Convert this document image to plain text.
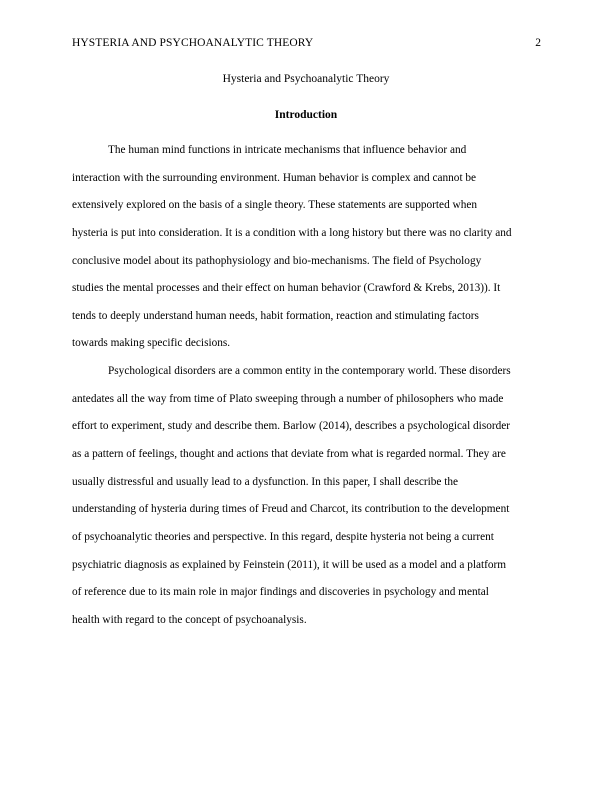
HYSTERIA AND PSYCHOANALYTIC THEORY	2
Hysteria and Psychoanalytic Theory
Introduction
The human mind functions in intricate mechanisms that influence behavior and
interaction with the surrounding environment. Human behavior is complex and cannot be
extensively explored on the basis of a single theory. These statements are supported when
hysteria is put into consideration. It is a condition with a long history but there was no clarity and
conclusive model about its pathophysiology and bio-mechanisms. The field of Psychology
studies the mental processes and their effect on human behavior (Crawford & Krebs, 2013)). It
tends to deeply understand human needs, habit formation, reaction and stimulating factors
towards making specific decisions.
Psychological disorders are a common entity in the contemporary world. These disorders
antedates all the way from time of Plato sweeping through a number of philosophers who made
effort to experiment, study and describe them. Barlow (2014), describes a psychological disorder
as a pattern of feelings, thought and actions that deviate from what is regarded normal. They are
usually distressful and usually lead to a dysfunction. In this paper, I shall describe the
understanding of hysteria during times of Freud and Charcot, its contribution to the development
of psychoanalytic theories and perspective. In this regard, despite hysteria not being a current
psychiatric diagnosis as explained by Feinstein (2011), it will be used as a model and a platform
of reference due to its main role in major findings and discoveries in psychology and mental
health with regard to the concept of psychoanalysis.
